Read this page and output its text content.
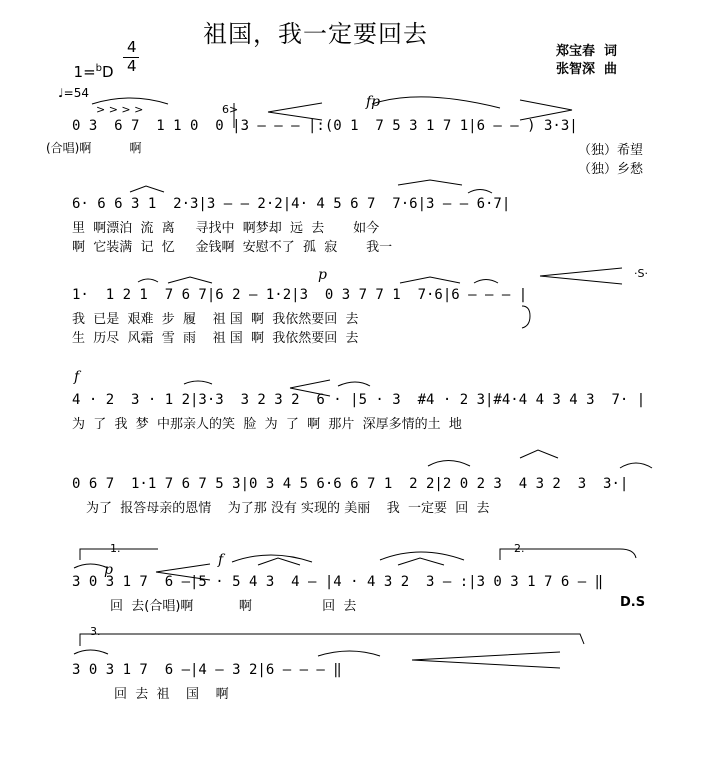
祖国，我一定要回去
郑宝春  词
张智深  曲

1=$^b$D

4
4
♩=54
fp
> > > >	6>
0 3  6 7  1 1 0  0 |3 — — — |:(0 1  7 5 3 1 7 1|6 — — ) 3·3|
(合唱)啊          啊	（独）希望
（独）乡愁
6· 6 6 3 1  2·3|3 — — 2·2|4· 4 5 6 7  7·6|3 — — 6·7|
里  啊漂泊  流  离     寻找中  啊梦却  远  去       如今
啊  它装满  记  忆     金钱啊  安慰不了  孤  寂       我一
p	·S·
1·  1 2 1  7 6 7|6 2 — 1·2|3  0 3 7 7 1  7·6|6 — — — |
我  已是  艰难  步  履    祖 国  啊  我依然要回  去
生  历尽  风霜  雪  雨    祖 国  啊  我依然要回  去
f
4 · 2  3 · 1 2|3·3  3 2 3 2  6 · |5 · 3  #4 · 2 3|#4·4 4 3 4 3  7· |
为  了  我  梦  中那亲人的笑  脸  为  了  啊  那片  深厚多情的土  地
0 6 7  1·1 7 6 7 5 3|0 3 4 5 6·6 6 7 1  2 2|2 0 2 3  4 3 2  3  3·|
为了  报答母亲的恩情    为了那 没有 实现的 美丽    我  一定要  回  去
1.	2.
p
f
3 0 3 1 7  6 —|5 · 5 4 3  4 — |4 · 4 3 2  3 — :|3 0 3 1 7 6 — ‖
回  去(合唱)啊           啊                 回  去	D.S
3.
3 0 3 1 7  6 —|4 — 3 2|6 — — — ‖
回  去  祖    国    啊
